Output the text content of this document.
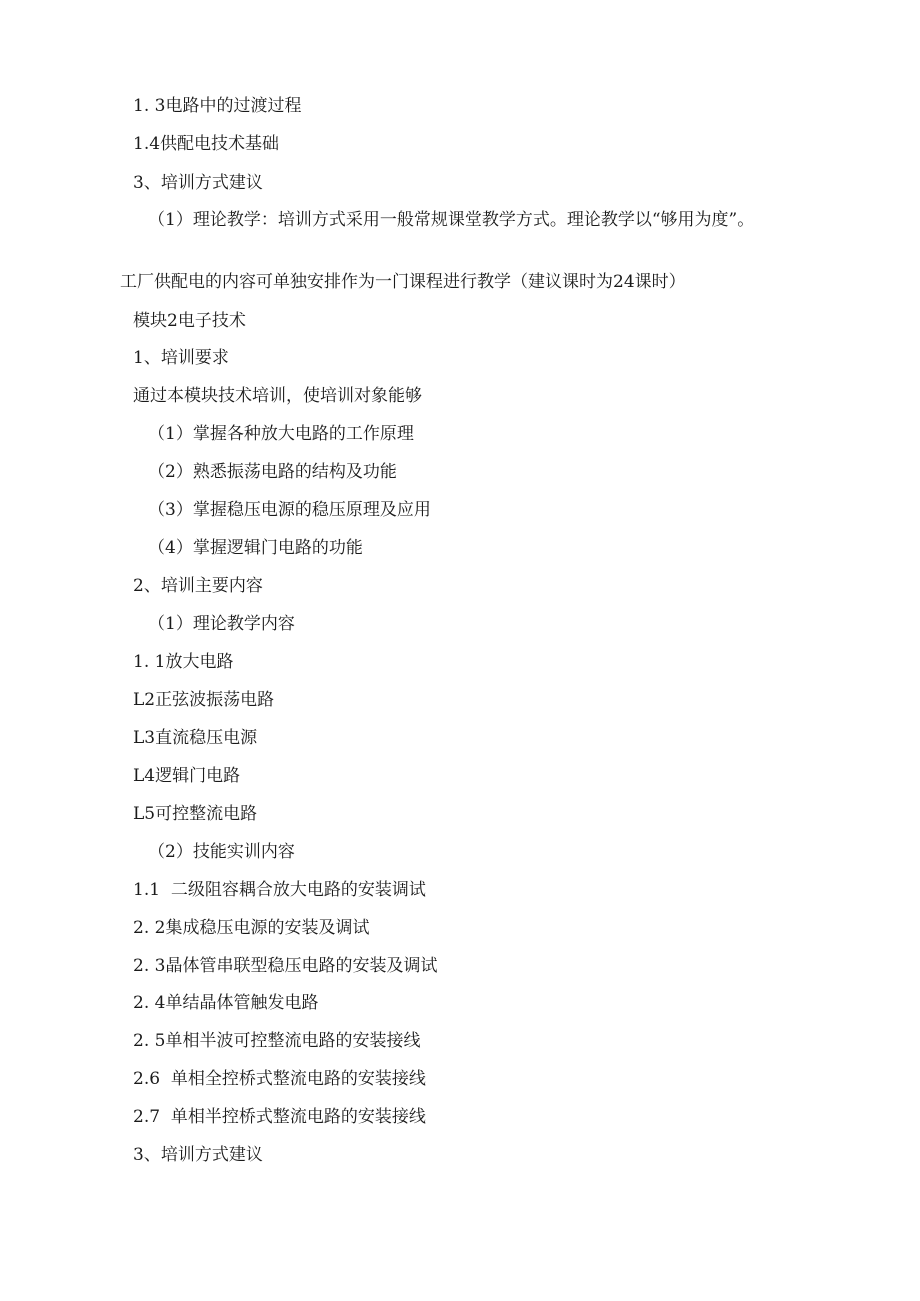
1. 3电路中的过渡过程
1.4供配电技术基础
3、培训方式建议
（1）理论教学：培训方式采用一般常规课堂教学方式。理论教学以“够用为度”。
工厂供配电的内容可单独安排作为一门课程进行教学（建议课时为24课时）
模块2电子技术
1、培训要求
通过本模块技术培训，使培训对象能够
（1）掌握各种放大电路的工作原理
（2）熟悉振荡电路的结构及功能
（3）掌握稳压电源的稳压原理及应用
（4）掌握逻辑门电路的功能
2、培训主要内容
（1）理论教学内容
1. 1放大电路
L2正弦波振荡电路
L3直流稳压电源
L4逻辑门电路
L5可控整流电路
（2）技能实训内容
1.1  二级阻容耦合放大电路的安装调试
2. 2集成稳压电源的安装及调试
2. 3晶体管串联型稳压电路的安装及调试
2. 4单结晶体管触发电路
2. 5单相半波可控整流电路的安装接线
2.6  单相全控桥式整流电路的安装接线
2.7  单相半控桥式整流电路的安装接线
3、培训方式建议
